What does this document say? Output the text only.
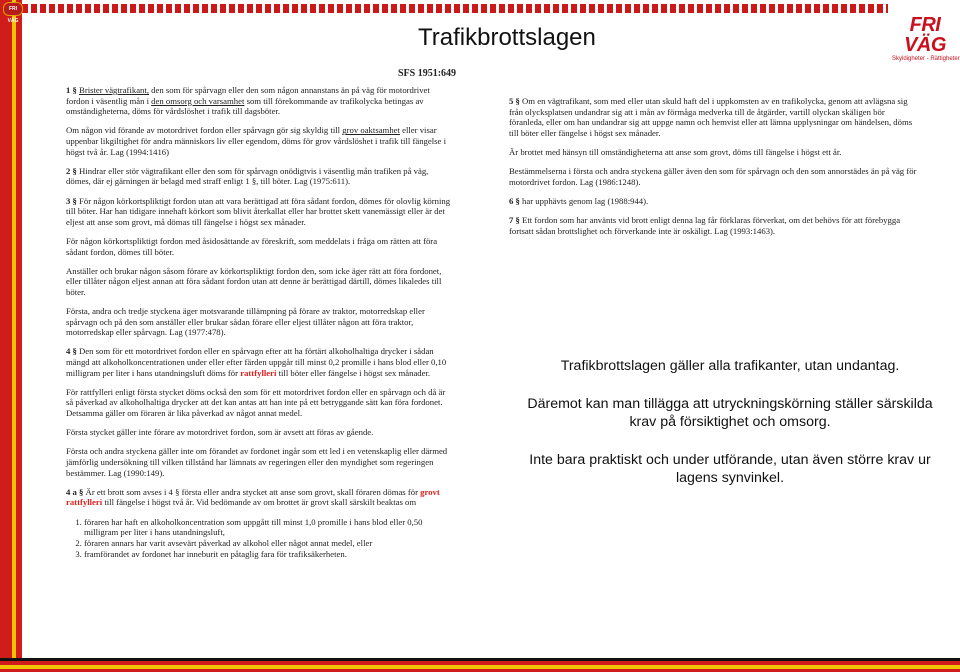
FRI VÄG	FRI VÄG
Skyldigheter - Rättigheter
Trafikbrottslagen
SFS 1951:649

1 § Brister vägtrafikant, den som för spårvagn eller den som någon annanstans än på väg för motordrivet fordon i väsentlig mån i den omsorg och varsamhet som till förekommande av trafikolycka betingas av omständigheterna, döms för vårdslöshet i trafik till dagsböter.

Om någon vid förande av motordrivet fordon eller spårvagn gör sig skyldig till grov oaktsamhet eller visar uppenbar likgiltighet för andra människors liv eller egendom, döms för grov vårdslöshet i trafik till fängelse i högst två år. Lag (1994:1416)

2 § Hindrar eller stör vägtrafikant eller den som för spårvagn onödigtvis i väsentlig mån trafiken på väg, dömes, där ej gärningen är belagd med straff enligt 1 §, till böter. Lag (1975:611).

3 § För någon körkortspliktigt fordon utan att vara berättigad att föra sådant fordon, dömes för olovlig körning till böter. Har han tidigare innehaft körkort som blivit återkallat eller har brottet skett vanemässigt eller är det eljest att anse som grovt, må dömas till fängelse i högst sex månader.

För någon körkortspliktigt fordon med åsidosättande av föreskrift, som meddelats i fråga om rätten att föra sådant fordon, dömes till böter.

Anställer och brukar någon såsom förare av körkortspliktigt fordon den, som icke äger rätt att föra fordonet, eller tillåter någon eljest annan att föra sådant fordon utan att denne är berättigad därtill, dömes likaledes till böter.

Första, andra och tredje styckena äger motsvarande tillämpning på förare av traktor, motorredskap eller spårvagn och på den som anställer eller brukar sådan förare eller eljest tillåter någon att föra traktor, motorredskap eller spårvagn. Lag (1977:478).

4 § Den som för ett motordrivet fordon eller en spårvagn efter att ha förtärt alkoholhaltiga drycker i sådan mängd att alkoholkoncentrationen under eller efter färden uppgår till minst 0,2 promille i hans blod eller 0,10 milligram per liter i hans utandningsluft döms för rattfylleri till böter eller fängelse i högst sex månader.

För rattfylleri enligt första stycket döms också den som för ett motordrivet fordon eller en spårvagn och då är så påverkad av alkoholhaltiga drycker att det kan antas att han inte på ett betryggande sätt kan föra fordonet. Detsamma gäller om föraren är lika påverkad av något annat medel.

Första stycket gäller inte förare av motordrivet fordon, som är avsett att föras av gående.

Första och andra styckena gäller inte om förandet av fordonet ingår som ett led i en vetenskaplig eller därmed jämförlig undersökning till vilken tillstånd har lämnats av regeringen eller den myndighet som regeringen bestämmer. Lag (1990:149).

4 a § Är ett brott som avses i 4 § första eller andra stycket att anse som grovt, skall föraren dömas för grovt rattfylleri till fängelse i högst två år. Vid bedömande av om brottet är grovt skall särskilt beaktas om

1. föraren har haft en alkoholkoncentration som uppgått till minst 1,0 promille i hans blod eller 0,50 milligram per liter i hans utandningsluft,
2. föraren annars har varit avsevärt påverkad av alkohol eller något annat medel, eller
3. framförandet av fordonet har inneburit en påtaglig fara för trafiksäkerheten.

5 § Om en vägtrafikant, som med eller utan skuld haft del i uppkomsten av en trafikolycka, genom att avlägsna sig från olycksplatsen undandrar sig att i mån av förmåga medverka till de åtgärder, vartill olyckan skäligen bör föranleda, eller om han undandrar sig att uppge namn och hemvist eller att lämna upplysningar om händelsen, döms till böter eller fängelse i högst sex månader.

Är brottet med hänsyn till omständigheterna att anse som grovt, döms till fängelse i högst ett år.

Bestämmelserna i första och andra styckena gäller även den som för spårvagn och den som annorstädes än på väg för motordrivet fordon. Lag (1986:1248).

6 § har upphävts genom lag (1988:944).

7 § Ett fordon som har använts vid brott enligt denna lag får förklaras förverkat, om det behövs för att förebygga fortsatt sådan brottslighet och förverkande inte är oskäligt. Lag (1993:1463).

Trafikbrottslagen gäller alla trafikanter, utan undantag.

Däremot kan man tillägga att utryckningskörning ställer särskilda krav på försiktighet och omsorg.

Inte bara praktiskt och under utförande, utan även större krav ur lagens synvinkel.
